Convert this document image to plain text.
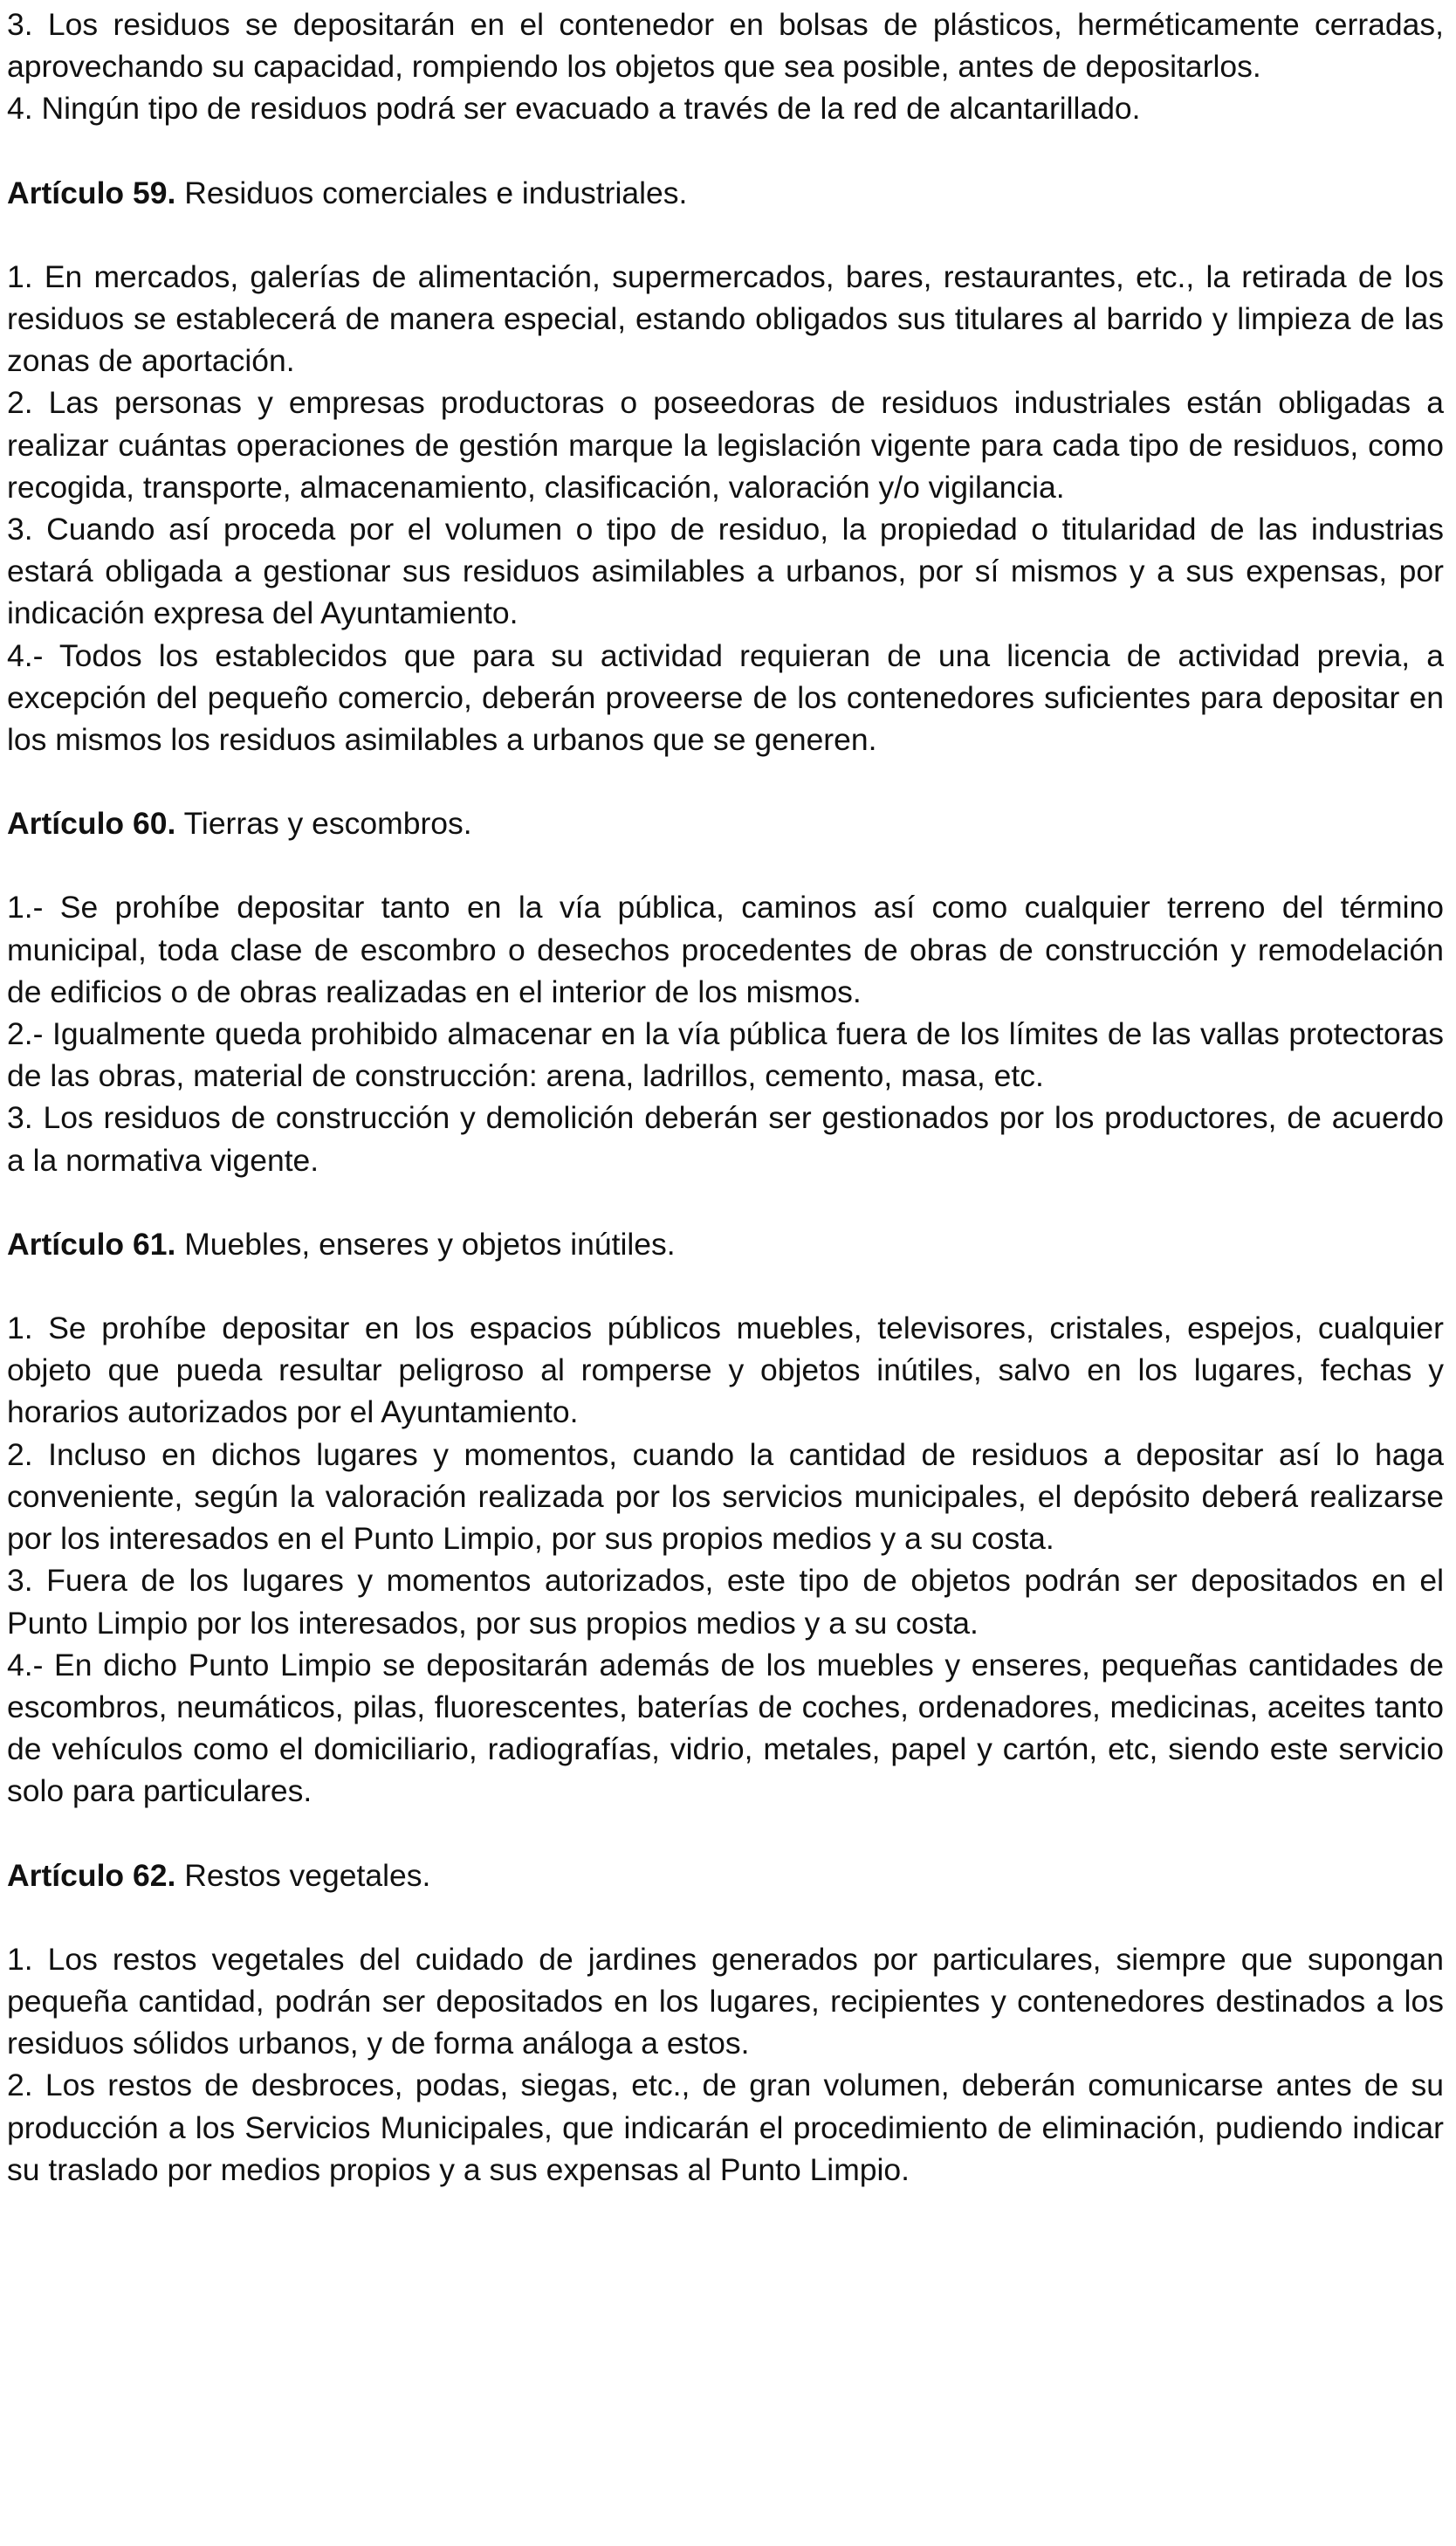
3. Los residuos se depositarán en el contenedor en bolsas de plásticos, herméticamente cerradas, aprovechando su capacidad, rompiendo los objetos que sea posible, antes de depositarlos.

4. Ningún tipo de residuos podrá ser evacuado a través de la red de alcantarillado.

Artículo 59. Residuos comerciales e industriales.

1. En mercados, galerías de alimentación, supermercados, bares, restaurantes, etc., la retirada de los residuos se establecerá de manera especial, estando obligados sus titulares al barrido y limpieza de las zonas de aportación.

2. Las personas y empresas productoras o poseedoras de residuos industriales están obligadas a realizar cuántas operaciones de gestión marque la legislación vigente para cada tipo de residuos, como recogida, transporte, almacenamiento, clasificación, valoración y/o vigilancia.

3. Cuando así proceda por el volumen o tipo de residuo, la propiedad o titularidad de las industrias estará obligada a gestionar sus residuos asimilables a urbanos, por sí mismos y a sus expensas, por indicación expresa del Ayuntamiento.

4.- Todos los establecidos que para su actividad requieran de una licencia de actividad previa, a excepción del pequeño comercio, deberán proveerse de los contenedores suficientes para depositar en los mismos los residuos asimilables a urbanos que se generen.

Artículo 60. Tierras y escombros.

1.- Se prohíbe depositar tanto en la vía pública, caminos así como cualquier terreno del término municipal, toda clase de escombro o desechos procedentes de obras de construcción y remodelación de edificios o de obras realizadas en el interior de los mismos.

2.- Igualmente queda prohibido almacenar en la vía pública fuera de los límites de las vallas protectoras de las obras, material de construcción: arena, ladrillos, cemento, masa, etc.

3. Los residuos de construcción y demolición deberán ser gestionados por los productores, de acuerdo a la normativa vigente.

Artículo 61. Muebles, enseres y objetos inútiles.

1. Se prohíbe depositar en los espacios públicos muebles, televisores, cristales, espejos, cualquier objeto que pueda resultar peligroso al romperse y objetos inútiles, salvo en los lugares, fechas y horarios autorizados por el Ayuntamiento.

2. Incluso en dichos lugares y momentos, cuando la cantidad de residuos a depositar así lo haga conveniente, según la valoración realizada por los servicios municipales, el depósito deberá realizarse por los interesados en el Punto Limpio, por sus propios medios y a su costa.

3. Fuera de los lugares y momentos autorizados, este tipo de objetos podrán ser depositados en el Punto Limpio por los interesados, por sus propios medios y a su costa.

4.- En dicho Punto Limpio se depositarán además de los muebles y enseres, pequeñas cantidades de escombros, neumáticos, pilas, fluorescentes, baterías de coches, ordenadores, medicinas, aceites tanto de vehículos como el domiciliario, radiografías, vidrio, metales, papel y cartón, etc, siendo este servicio solo para particulares.

Artículo 62. Restos vegetales.

1. Los restos vegetales del cuidado de jardines generados por particulares, siempre que supongan pequeña cantidad, podrán ser depositados en los lugares, recipientes y contenedores destinados a los residuos sólidos urbanos, y de forma análoga a estos.

2. Los restos de desbroces, podas, siegas, etc., de gran volumen, deberán comunicarse antes de su producción a los Servicios Municipales, que indicarán el procedimiento de eliminación, pudiendo indicar su traslado por medios propios y a sus expensas al Punto Limpio.
